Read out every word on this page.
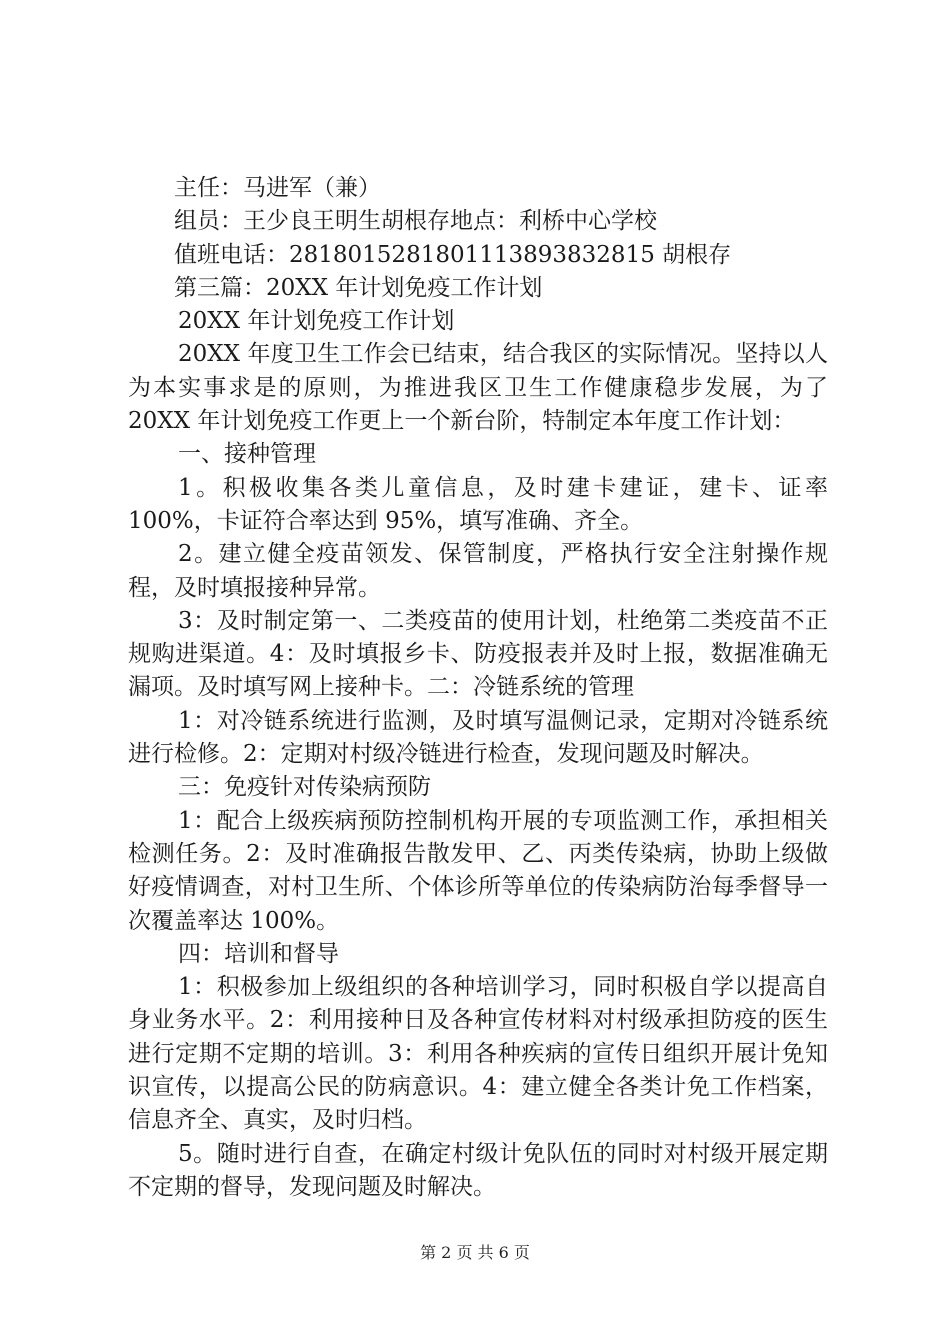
主任：马进军（兼）

组员：王少良王明生胡根存地点：利桥中心学校

值班电话：2818015281801113893832815 胡根存

第三篇：20XX 年计划免疫工作计划

20XX 年计划免疫工作计划

20XX 年度卫生工作会已结束，结合我区的实际情况。坚持以人为本实事求是的原则，为推进我区卫生工作健康稳步发展，为了 20XX 年计划免疫工作更上一个新台阶，特制定本年度工作计划：

一、接种管理

1。积极收集各类儿童信息，及时建卡建证，建卡、证率 100%，卡证符合率达到 95%，填写准确、齐全。

2。建立健全疫苗领发、保管制度，严格执行安全注射操作规程，及时填报接种异常。

3：及时制定第一、二类疫苗的使用计划，杜绝第二类疫苗不正规购进渠道。4：及时填报乡卡、防疫报表并及时上报，数据准确无漏项。及时填写网上接种卡。二：冷链系统的管理

1：对冷链系统进行监测，及时填写温侧记录，定期对冷链系统进行检修。2：定期对村级冷链进行检查，发现问题及时解决。

三：免疫针对传染病预防

1：配合上级疾病预防控制机构开展的专项监测工作，承担相关检测任务。2：及时准确报告散发甲、乙、丙类传染病，协助上级做好疫情调查，对村卫生所、个体诊所等单位的传染病防治每季督导一次覆盖率达 100%。

四：培训和督导

1：积极参加上级组织的各种培训学习，同时积极自学以提高自身业务水平。2：利用接种日及各种宣传材料对村级承担防疫的医生进行定期不定期的培训。3：利用各种疾病的宣传日组织开展计免知识宣传，以提高公民的防病意识。4：建立健全各类计免工作档案，信息齐全、真实，及时归档。

5。随时进行自查，在确定村级计免队伍的同时对村级开展定期不定期的督导，发现问题及时解决。

第 2 页 共 6 页
